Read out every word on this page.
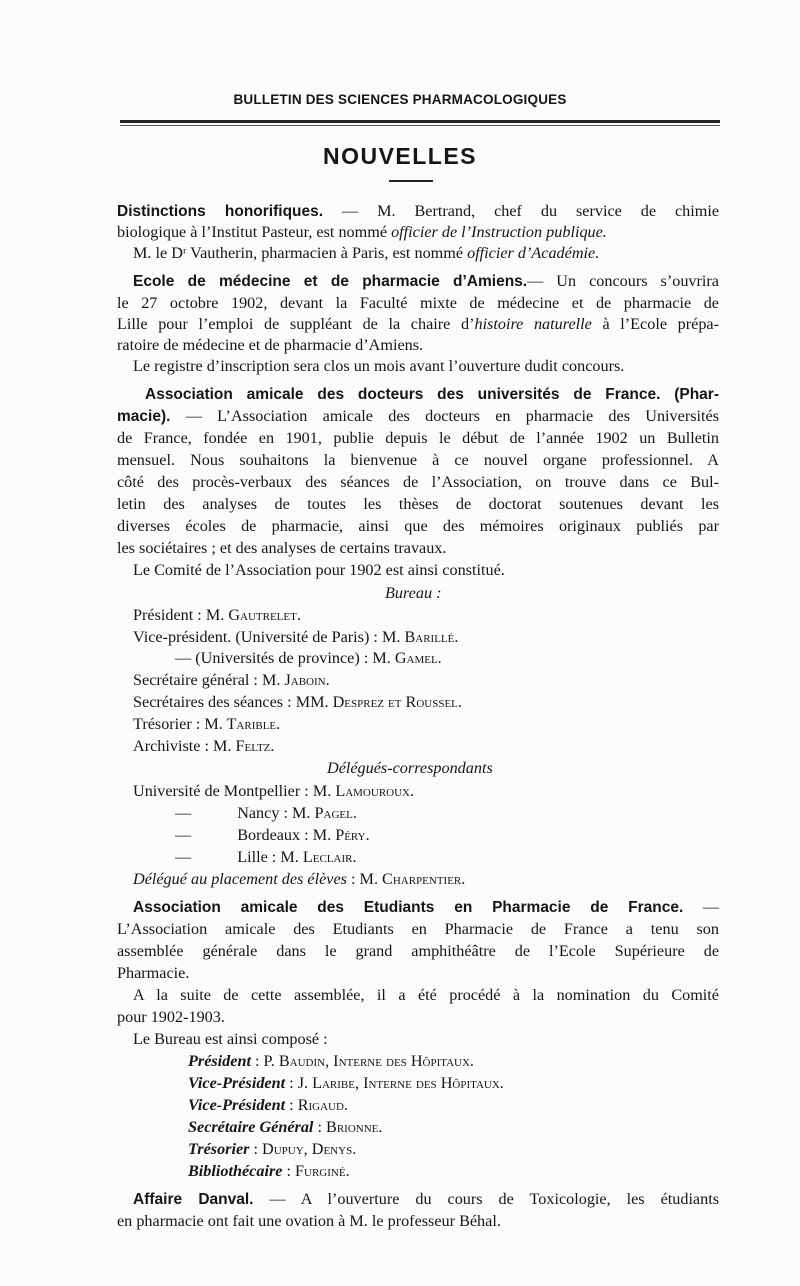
BULLETIN DES SCIENCES PHARMACOLOGIQUES
NOUVELLES
Distinctions honorifiques. — M. Bertrand, chef du service de chimie
biologique à l’Institut Pasteur, est nommé officier de l’Instruction publique.
M. le Dʳ Vautherin, pharmacien à Paris, est nommé officier d’Académie.
Ecole de médecine et de pharmacie d’Amiens.— Un concours s’ouvrira
le 27 octobre 1902, devant la Faculté mixte de médecine et de pharmacie de
Lille pour l’emploi de suppléant de la chaire d’histoire naturelle à l’Ecole prépa-
ratoire de médecine et de pharmacie d’Amiens.
Le registre d’inscription sera clos un mois avant l’ouverture dudit concours.
Association amicale des docteurs des universités de France. (Phar-
macie). — L’Association amicale des docteurs en pharmacie des Universités
de France, fondée en 1901, publie depuis le début de l’année 1902 un Bulletin
mensuel. Nous souhaitons la bienvenue à ce nouvel organe professionnel. A
côté des procès-verbaux des séances de l’Association, on trouve dans ce Bul-
letin des analyses de toutes les thèses de doctorat soutenues devant les
diverses écoles de pharmacie, ainsi que des mémoires originaux publiés par
les sociétaires ; et des analyses de certains travaux.
Le Comité de l’Association pour 1902 est ainsi constitué.
Bureau :
Président : M. Gautrelet.
Vice-président. (Université de Paris) : M. Barillé.
— (Universités de province) : M. Gamel.
Secrétaire général : M. Jaboin.
Secrétaires des séances : MM. Desprez et Roussel.
Trésorier : M. Tarible.
Archiviste : M. Feltz.
Délégués-correspondants
Université de Montpellier : M. Lamouroux.
—	Nancy : M. Pagel.
—	Bordeaux : M. Péry.
—	Lille : M. Leclair.
Délégué au placement des élèves : M. Charpentier.
Association amicale des Etudiants en Pharmacie de France. —
L’Association amicale des Etudiants en Pharmacie de France a tenu son
assemblée générale dans le grand amphithéâtre de l’Ecole Supérieure de
Pharmacie.
A la suite de cette assemblée, il a été procédé à la nomination du Comité
pour 1902-1903.
Le Bureau est ainsi composé :
Président : P. Baudin, Interne des Hôpitaux.
Vice-Président : J. Laribe, Interne des Hôpitaux.
Vice-Président : Rigaud.
Secrétaire Général : Brionne.
Trésorier : Dupuy, Denys.
Bibliothécaire : Furginé.
Affaire Danval. — A l’ouverture du cours de Toxicologie, les étudiants
en pharmacie ont fait une ovation à M. le professeur Béhal.
